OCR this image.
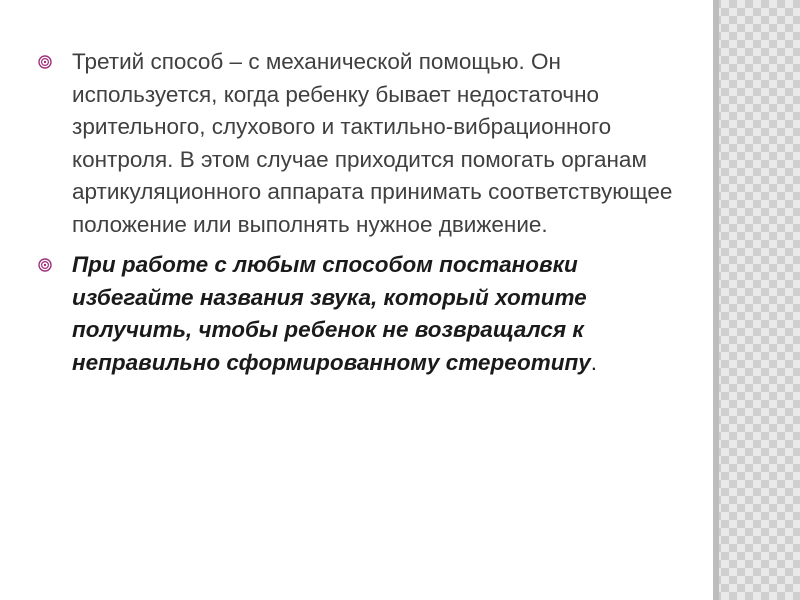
Третий способ – с механической помощью. Он используется, когда ребенку бывает недостаточно зрительного, слухового и тактильно-вибрационного контроля. В этом случае приходится помогать органам артикуляционного аппарата принимать соответствующее положение или выполнять нужное движение.
При работе с любым способом постановки избегайте названия звука, который хотите получить, чтобы ребенок не возвращался к неправильно сформированному стереотипу.
